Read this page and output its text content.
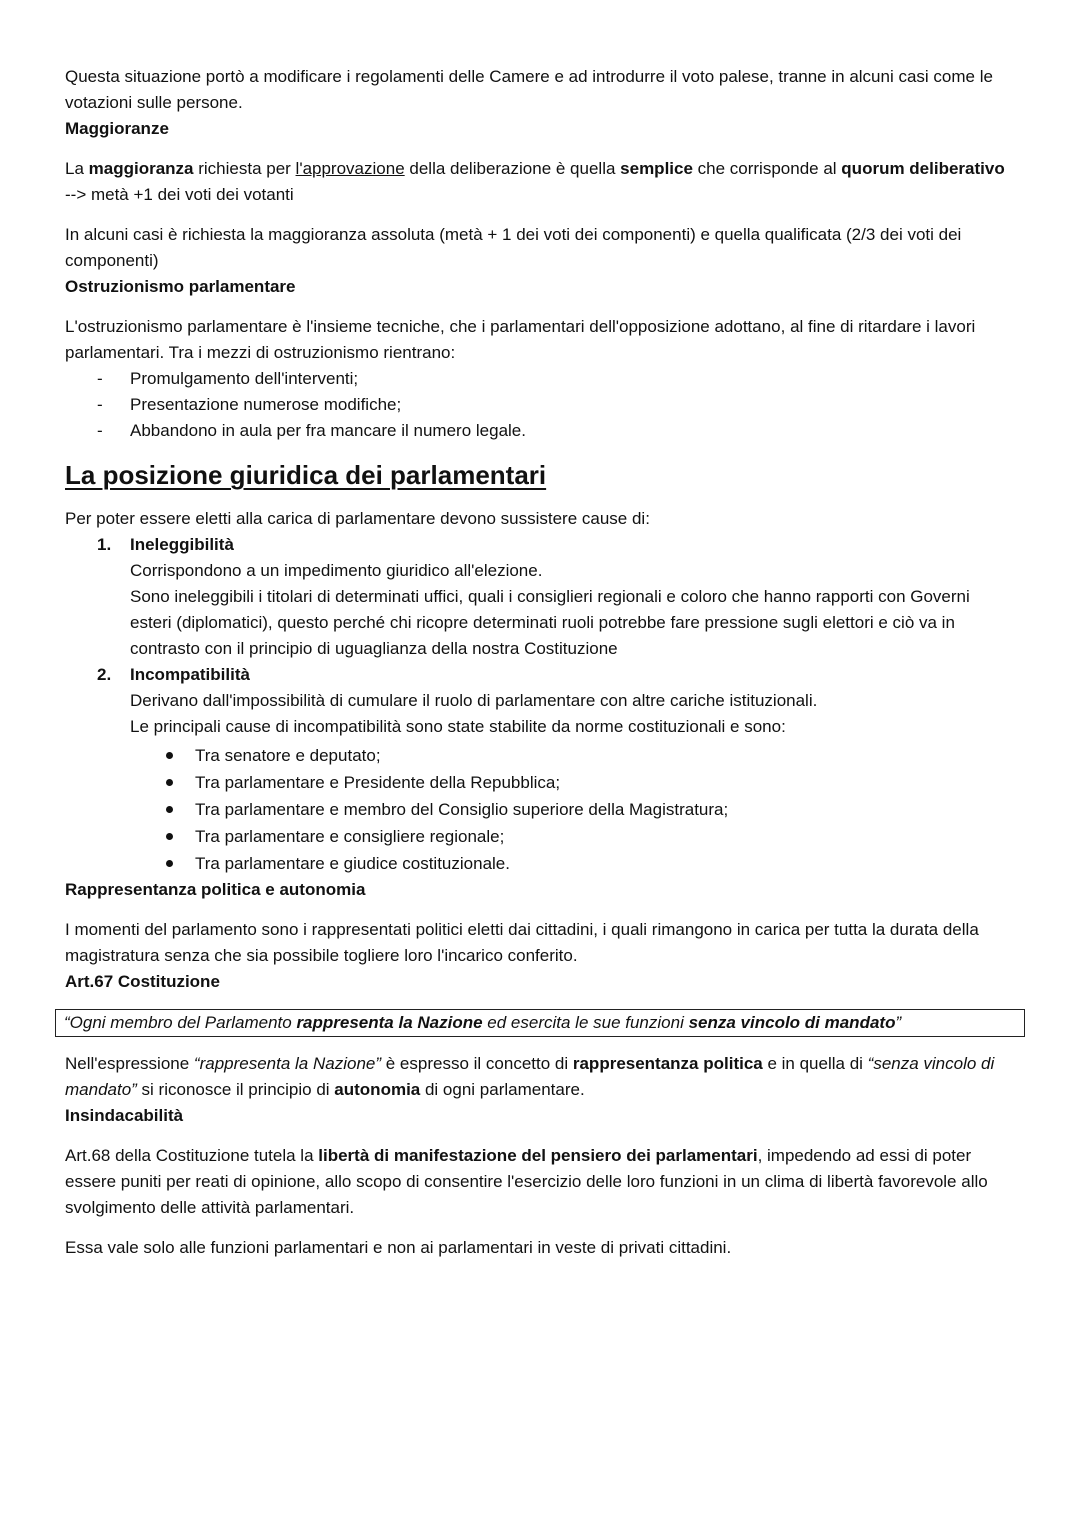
Questa situazione portò a modificare i regolamenti delle Camere e ad introdurre il voto palese, tranne in alcuni casi come le votazioni sulle persone.

Maggioranze

La maggioranza richiesta per l'approvazione della deliberazione è quella semplice che corrisponde al quorum deliberativo --> metà +1 dei voti dei votanti

In alcuni casi è richiesta la maggioranza assoluta (metà + 1 dei voti dei componenti) e quella qualificata (2/3 dei voti dei componenti)

Ostruzionismo parlamentare

L'ostruzionismo parlamentare è l'insieme tecniche, che i parlamentari dell'opposizione adottano, al fine di ritardare i lavori parlamentari. Tra i mezzi di ostruzionismo rientrano:

- Promulgamento dell'interventi;
- Presentazione numerose modifiche;
- Abbandono in aula per fra mancare il numero legale.

La posizione giuridica dei parlamentari

Per poter essere eletti alla carica di parlamentare devono sussistere cause di:

1. Ineleggibilità
Corrispondono a un impedimento giuridico all'elezione.
Sono ineleggibili i titolari di determinati uffici, quali i consiglieri regionali e coloro che hanno rapporti con Governi esteri (diplomatici), questo perché chi ricopre determinati ruoli potrebbe fare pressione sugli elettori e ciò va in contrasto con il principio di uguaglianza della nostra Costituzione
2. Incompatibilità
Derivano dall'impossibilità di cumulare il ruolo di parlamentare con altre cariche istituzionali.
Le principali cause di incompatibilità sono state stabilite da norme costituzionali e sono:
Tra senatore e deputato;
Tra parlamentare e Presidente della Repubblica;
Tra parlamentare e membro del Consiglio superiore della Magistratura;
Tra parlamentare e consigliere regionale;
Tra parlamentare e giudice costituzionale.

Rappresentanza politica e autonomia

I momenti del parlamento sono i rappresentati politici eletti dai cittadini, i quali rimangono in carica per tutta la durata della magistratura senza che sia possibile togliere loro l'incarico conferito.

Art.67 Costituzione

“Ogni membro del Parlamento rappresenta la Nazione ed esercita le sue funzioni senza vincolo di mandato”

Nell'espressione “rappresenta la Nazione” è espresso il concetto di rappresentanza politica e in quella di “senza vincolo di mandato” si riconosce il principio di autonomia di ogni parlamentare.

Insindacabilità

Art.68 della Costituzione tutela la libertà di manifestazione del pensiero dei parlamentari, impedendo ad essi di poter essere puniti per reati di opinione, allo scopo di consentire l'esercizio delle loro funzioni in un clima di libertà favorevole allo svolgimento delle attività parlamentari.

Essa vale solo alle funzioni parlamentari e non ai parlamentari in veste di privati cittadini.
